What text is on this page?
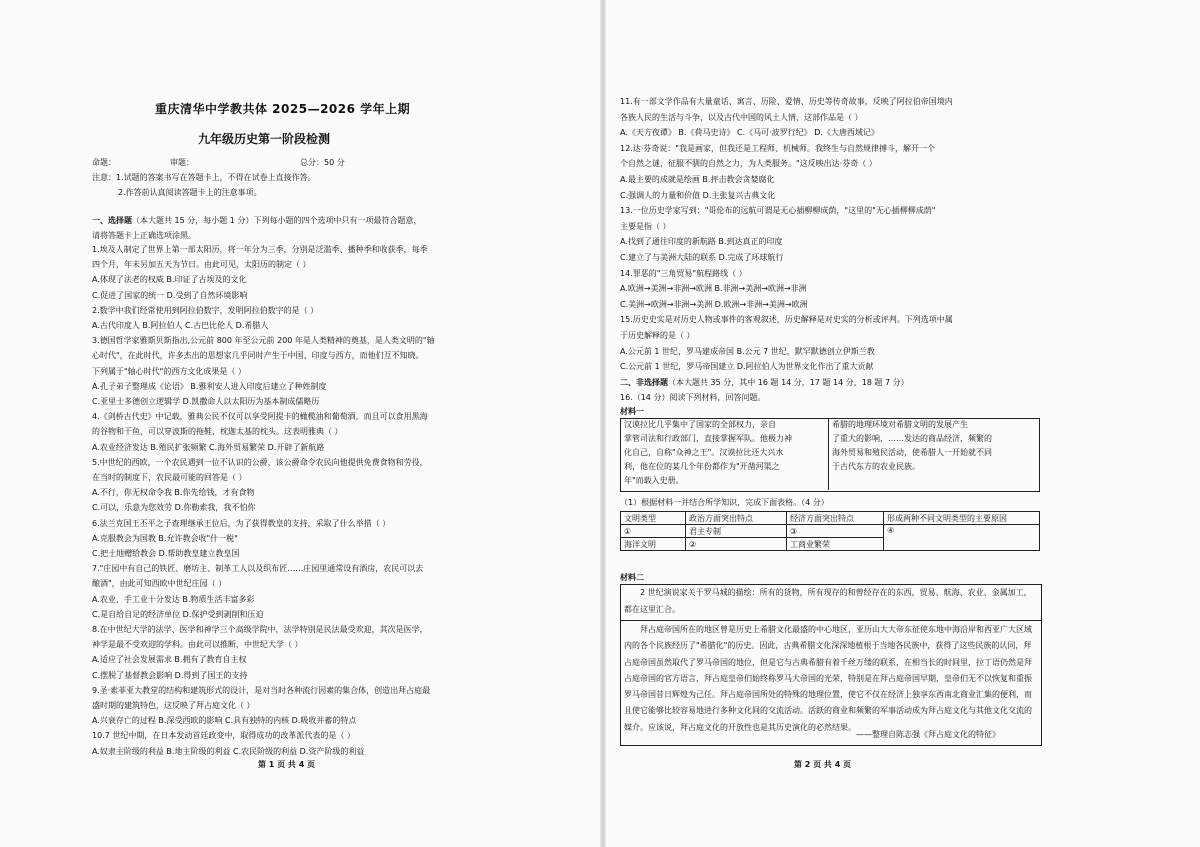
重庆清华中学教共体 2025—2026 学年上期
九年级历史第一阶段检测
命题：	审题：	总分：50 分
注意：1.试题的答案书写在答题卡上，不得在试卷上直接作答。
2.作答前认真阅读答题卡上的注意事项。
一、选择题（本大题共 15 分，每小题 1 分）下列每小题的四个选项中只有一项最符合题意，
请将答题卡上正确选项涂黑。
1.埃及人制定了世界上第一部太阳历，将一年分为三季，分别是泛滥季、播种季和收获季，每季
四个月，年末另加五天为节日。由此可见，太阳历的制定（ ）
A.体现了法老的权威 B.印证了古埃及的文化
C.促进了国家的统一 D.受到了自然环境影响
2.数学中我们经常使用到阿拉伯数字，发明阿拉伯数字的是（ ）
A.古代印度人 B.阿拉伯人 C.古巴比伦人 D.希腊人
3.德国哲学家雅斯贝斯指出,公元前 800 年至公元前 200 年是人类精神的奠基，是人类文明的"轴
心时代"，在此时代，许多杰出的思想家几乎同时产生于中国、印度与西方，而他们互不知晓。
下列属于"轴心时代"的西方文化成果是（ ）
A.孔子弟子整理成《论语》 B.雅利安人进入印度后建立了种姓制度
C.亚里士多德创立逻辑学 D.凯撒命人以太阳历为基本制成儒略历
4.《剑桥古代史》中记载，雅典公民不仅可以享受阿提卡的橄榄油和葡萄酒，而且可以食用黑海
的谷物和干鱼，可以穿波斯的拖鞋，枕迦太基的枕头。这表明雅典（ ）
A.农业经济发达 B.殖民扩张频繁 C.海外贸易繁荣 D.开辟了新航路
5.中世纪的西欧，一个农民遇到一位不认识的公爵，该公爵命令农民向他提供免费食物和劳役，
在当时的制度下，农民最可能的回答是（ ）
A.不行，你无权命令我 B.你先给钱，才有食物
C.可以，乐意为您效劳 D.你勒索我，我不怕你
6.法兰克国王丕平之子查理继承王位后，为了获得教皇的支持，采取了什么举措（ ）
A.克服教会为国教 B.允许教会收"什一税"
C.把土地赠给教会 D.帮助教皇建立教皇国
7."庄园中有自己的铁匠、磨坊主、制革工人以及织布匠……庄园里通常设有酒房，农民可以去
酿酒"，由此可知西欧中世纪庄园（ ）
A.农业、手工业十分发达 B.物质生活丰富多彩
C.是自给自足的经济单位 D.保护受到剥削和压迫
8.在中世纪大学的法学、医学和神学三个高级学院中，法学特别是民法最受欢迎，其次是医学，
神学是最不受欢迎的学科。由此可以推断，中世纪大学（ ）
A.适应了社会发展需求 B.拥有了教育自主权
C.摆脱了基督教会影响 D.得到了国王的支持
9.圣·索菲亚大教堂的结构和建筑形式的设计，是对当时各种流行因素的集合体，创造出拜占庭最
盛时期的建筑特色，这反映了拜占庭文化（ ）
A.兴衰存亡的过程 B.深受西欧的影响 C.具有独特的内核 D.吸收并蓄的特点
10.7 世纪中期，在日本发动首廷政变中，取得成功的改革派代表的是（ ）
A.奴隶主阶级的利益 B.地主阶级的利益 C.农民阶级的利益 D.资产阶级的利益
第 1 页 共 4 页
11.有一部文学作品有大量童话、寓言、历险、爱情、历史等传奇故事，反映了阿拉伯帝国境内
各族人民的生活与斗争，以及古代中国的风土人情，这部作品是（ ）
A.《天方夜谭》 B.《荷马史诗》 C.《马可·波罗行纪》 D.《大唐西域记》
12.达·芬奇说："我是画家，但我还是工程师、机械师。我终生与自然规律搏斗，解开一个
个自然之谜，征服不驯的自然之力，为人类服务。"这反映出达·芬奇（ ）
A.最主要的成就是绘画 B.抨击教会贪婪腐化
C.强调人的力量和价值 D.主张复兴古典文化
13.一位历史学家写到："哥伦布的远航可谓是无心插柳柳成荫，"这里的"无心插柳柳成荫"
主要是指（ ）
A.找到了通往印度的新航路 B.到达真正的印度
C.建立了与美洲大陆的联系 D.完成了环球航行
14.罪恶的"三角贸易"航程路线（ ）
A.欧洲→美洲→非洲→欧洲 B.非洲→美洲→欧洲→非洲
C.美洲→欧洲→非洲→美洲 D.欧洲→非洲→美洲→欧洲
15.历史史实是对历史人物或事件的客观叙述，历史解释是对史实的分析或评判。下列选项中属
于历史解释的是（ ）
A.公元前 1 世纪，罗马建成帝国 B.公元 7 世纪，默罕默德创立伊斯兰教
C.公元前 1 世纪，罗马帝国建立 D.阿拉伯人为世界文化作出了重大贡献
二、非选择题（本大题共 35 分，其中 16 题 14 分，17 题 14 分，18 题 7 分）
16.（14 分）阅读下列材料，回答问题。
材料一
汉谟拉比几乎集中了国家的全部权力，亲自
掌管司法和行政部门，直接掌握军队。他极力神
化自己，自称"众神之王"。汉谟拉比还大兴水
利，他在位的某几个年份都作为"开凿河渠之
年"而载入史册。
希腊的地理环境对希腊文明的发展产生
了重大的影响，……发达的商品经济，频繁的
海外贸易和殖民活动，使希腊人一开始就不同
于古代东方的农业民族。
（1）根据材料一并结合所学知识，完成下面表格。（4 分）
文明类型	政治方面突出特点	经济方面突出特点	形成两种不同文明类型的主要原因
①	君主专制	③	④
海洋文明	②	工商业繁荣	
材料二
2 世纪演说家关于罗马城的描绘：所有的货物，所有现存的和曾经存在的东西，贸易、航海、农业、金属加工，都在这里汇合。
拜占庭帝国所在的地区曾是历史上希腊文化最盛的中心地区，亚历山大大帝东征使东地中海沿岸和西亚广大区域内的各个民族经历了"希腊化"的历史。因此，古典希腊文化深深地植根于当地各民族中，获得了这些民族的认同，拜占庭帝国虽然取代了罗马帝国的地位，但是它与古典希腊有着千丝万缕的联系，在相当长的时间里，拉丁语仍然是拜占庭帝国的官方语言，拜占庭皇帝们始终称罗马大帝国的光荣，特别是在拜占庭帝国早期，皇帝们无不以恢复和重振罗马帝国昔日辉煌为己任。拜占庭帝国所处的特殊的地理位置，使它不仅在经济上独享东西南北商业汇集的便利，而且使它能够比较容易地进行多种文化间的交流活动。活跃的商业和频繁的军事活动成为拜占庭文化与其他文化交流的媒介。应该说，拜占庭文化的开放性也是其历史演化的必然结果。
——整理自陈志强《拜占庭文化的特征》
第 2 页 共 4 页
